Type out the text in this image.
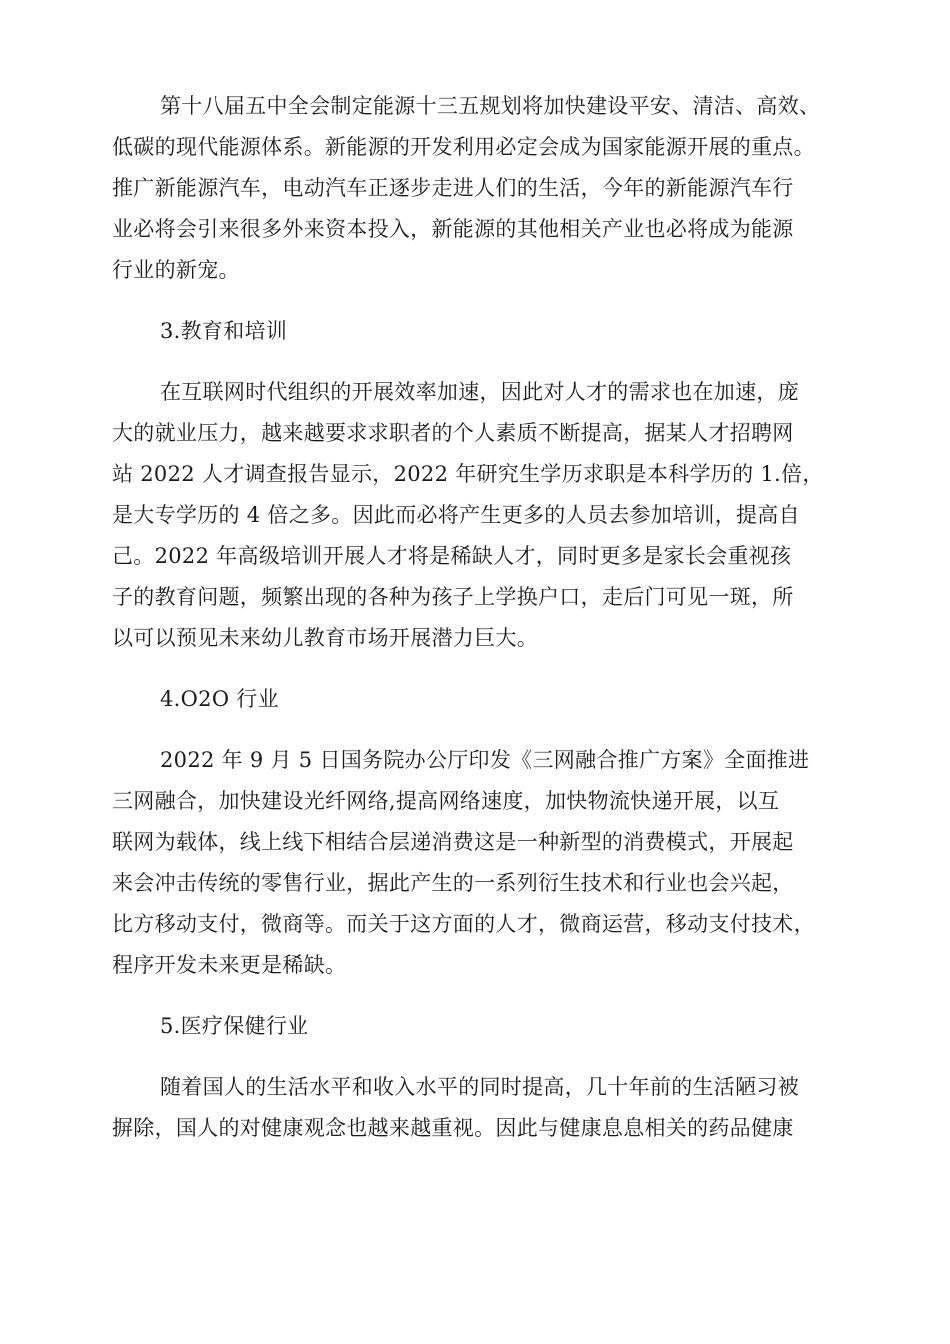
第十八届五中全会制定能源十三五规划将加快建设平安、清洁、高效、
低碳的现代能源体系。新能源的开发利用必定会成为国家能源开展的重点。
推广新能源汽车，电动汽车正逐步走进人们的生活，今年的新能源汽车行
业必将会引来很多外来资本投入，新能源的其他相关产业也必将成为能源
行业的新宠。

3.教育和培训

在互联网时代组织的开展效率加速，因此对人才的需求也在加速，庞
大的就业压力，越来越要求求职者的个人素质不断提高，据某人才招聘网
站 2022 人才调查报告显示，2022 年研究生学历求职是本科学历的 1.倍，
是大专学历的 4 倍之多。因此而必将产生更多的人员去参加培训，提高自
己。2022 年高级培训开展人才将是稀缺人才，同时更多是家长会重视孩
子的教育问题，频繁出现的各种为孩子上学换户口，走后门可见一斑，所
以可以预见未来幼儿教育市场开展潜力巨大。

4.O2O 行业

2022 年 9 月 5 日国务院办公厅印发《三网融合推广方案》全面推进
三网融合，加快建设光纤网络,提高网络速度，加快物流快递开展，以互
联网为载体，线上线下相结合层递消费这是一种新型的消费模式，开展起
来会冲击传统的零售行业，据此产生的一系列衍生技术和行业也会兴起，
比方移动支付，微商等。而关于这方面的人才，微商运营，移动支付技术，
程序开发未来更是稀缺。

5.医疗保健行业

随着国人的生活水平和收入水平的同时提高，几十年前的生活陋习被
摒除，国人的对健康观念也越来越重视。因此与健康息息相关的药品健康
